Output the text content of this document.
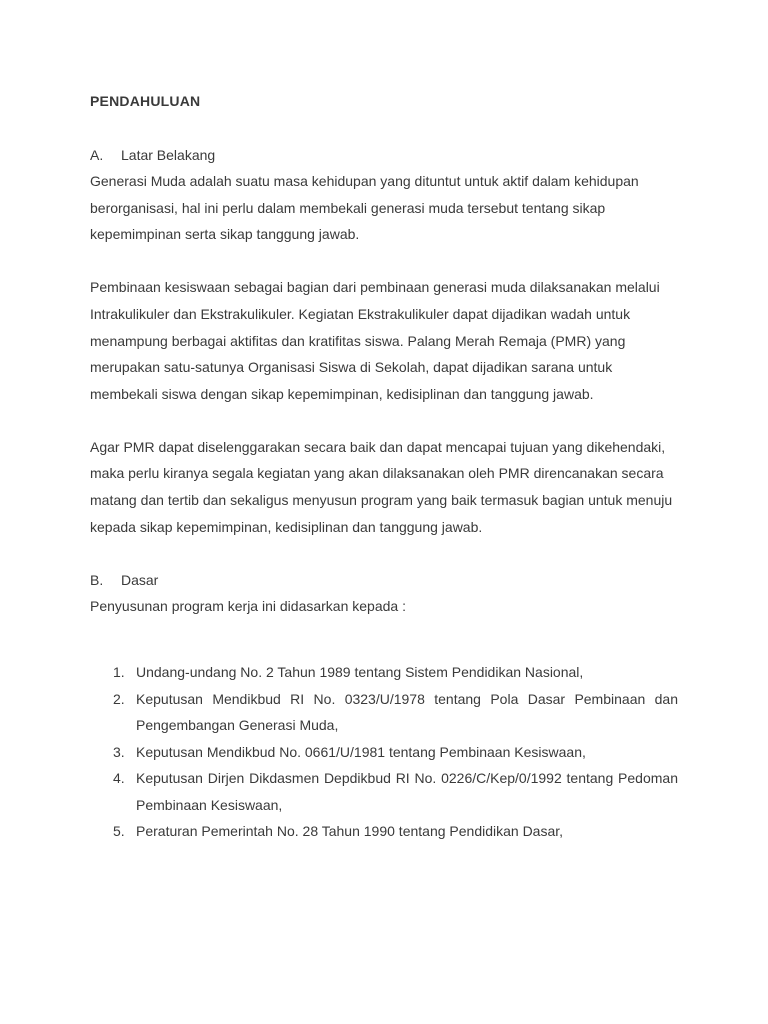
PENDAHULUAN
A. Latar Belakang

Generasi Muda adalah suatu masa kehidupan yang dituntut untuk aktif dalam kehidupan berorganisasi, hal ini perlu dalam membekali generasi muda tersebut tentang sikap kepemimpinan serta sikap tanggung jawab.

Pembinaan kesiswaan sebagai bagian dari pembinaan generasi muda dilaksanakan melalui Intrakulikuler dan Ekstrakulikuler. Kegiatan Ekstrakulikuler dapat dijadikan wadah untuk menampung berbagai aktifitas dan kratifitas siswa. Palang Merah Remaja (PMR) yang merupakan satu-satunya Organisasi Siswa di Sekolah, dapat dijadikan sarana untuk membekali siswa dengan sikap kepemimpinan, kedisiplinan dan tanggung jawab.

Agar PMR dapat diselenggarakan secara baik dan dapat mencapai tujuan yang dikehendaki, maka perlu kiranya segala kegiatan yang akan dilaksanakan oleh PMR direncanakan secara matang dan tertib dan sekaligus menyusun program yang baik termasuk bagian untuk menuju kepada sikap kepemimpinan, kedisiplinan dan tanggung jawab.

B. Dasar

Penyusunan program kerja ini didasarkan kepada :

1. Undang-undang No. 2 Tahun 1989 tentang Sistem Pendidikan Nasional,
2. Keputusan Mendikbud RI No. 0323/U/1978 tentang Pola Dasar Pembinaan dan Pengembangan Generasi Muda,
3. Keputusan Mendikbud No. 0661/U/1981 tentang Pembinaan Kesiswaan,
4. Keputusan Dirjen Dikdasmen Depdikbud RI No. 0226/C/Kep/0/1992 tentang Pedoman Pembinaan Kesiswaan,
5. Peraturan Pemerintah No. 28 Tahun 1990 tentang Pendidikan Dasar,
